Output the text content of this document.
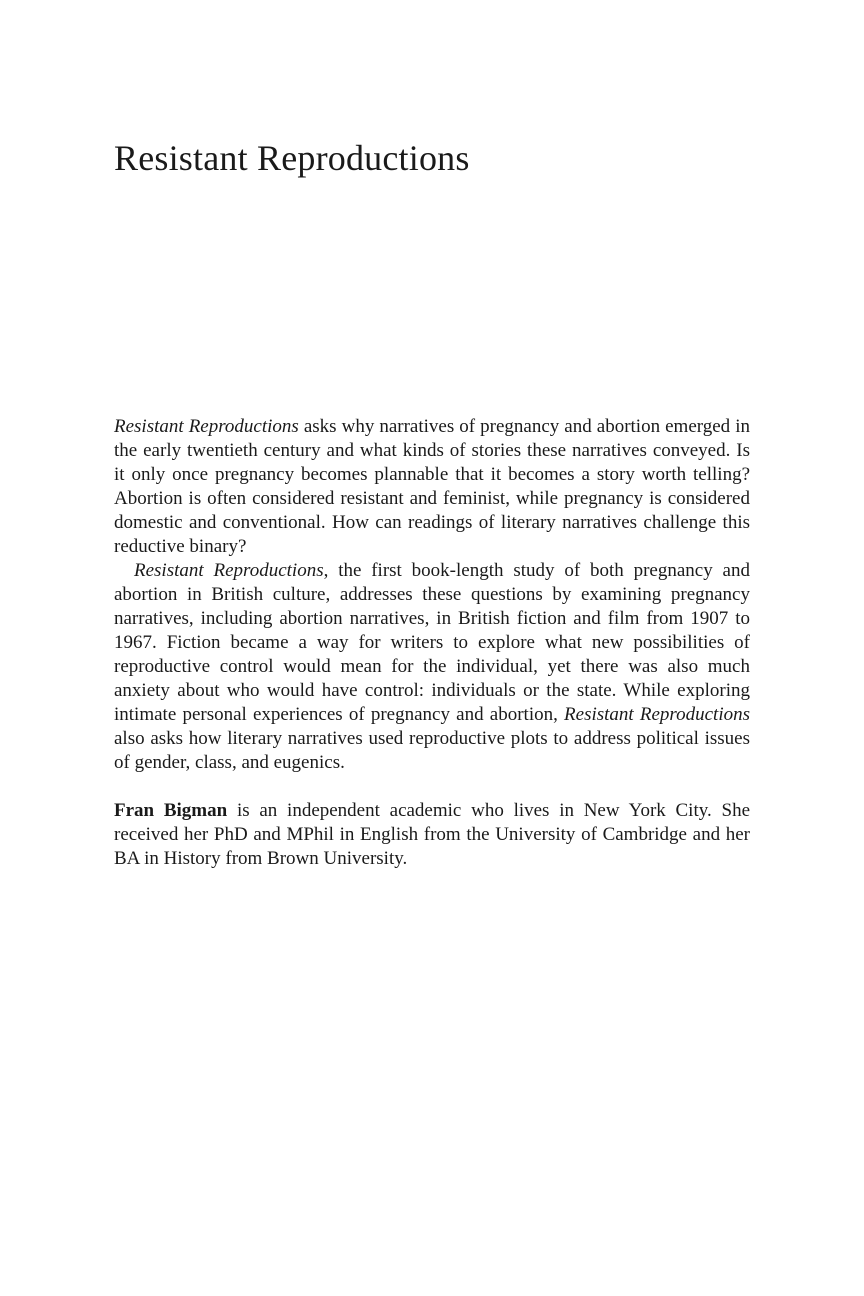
Resistant Reproductions

Resistant Reproductions asks why narratives of pregnancy and abortion emerged in the early twentieth century and what kinds of stories these narratives conveyed. Is it only once pregnancy becomes plannable that it becomes a story worth telling? Abortion is often considered resistant and feminist, while pregnancy is considered domestic and conventional. How can readings of literary narratives challenge this reductive binary?

Resistant Reproductions, the first book-length study of both pregnancy and abortion in British culture, addresses these questions by examining pregnancy narratives, including abortion narratives, in British fiction and film from 1907 to 1967. Fiction became a way for writers to explore what new possibilities of reproductive control would mean for the individual, yet there was also much anxiety about who would have control: individuals or the state. While exploring intimate personal experiences of pregnancy and abortion, Resistant Reproductions also asks how literary narratives used reproductive plots to address political issues of gender, class, and eugenics.

Fran Bigman is an independent academic who lives in New York City. She received her PhD and MPhil in English from the University of Cambridge and her BA in History from Brown University.
